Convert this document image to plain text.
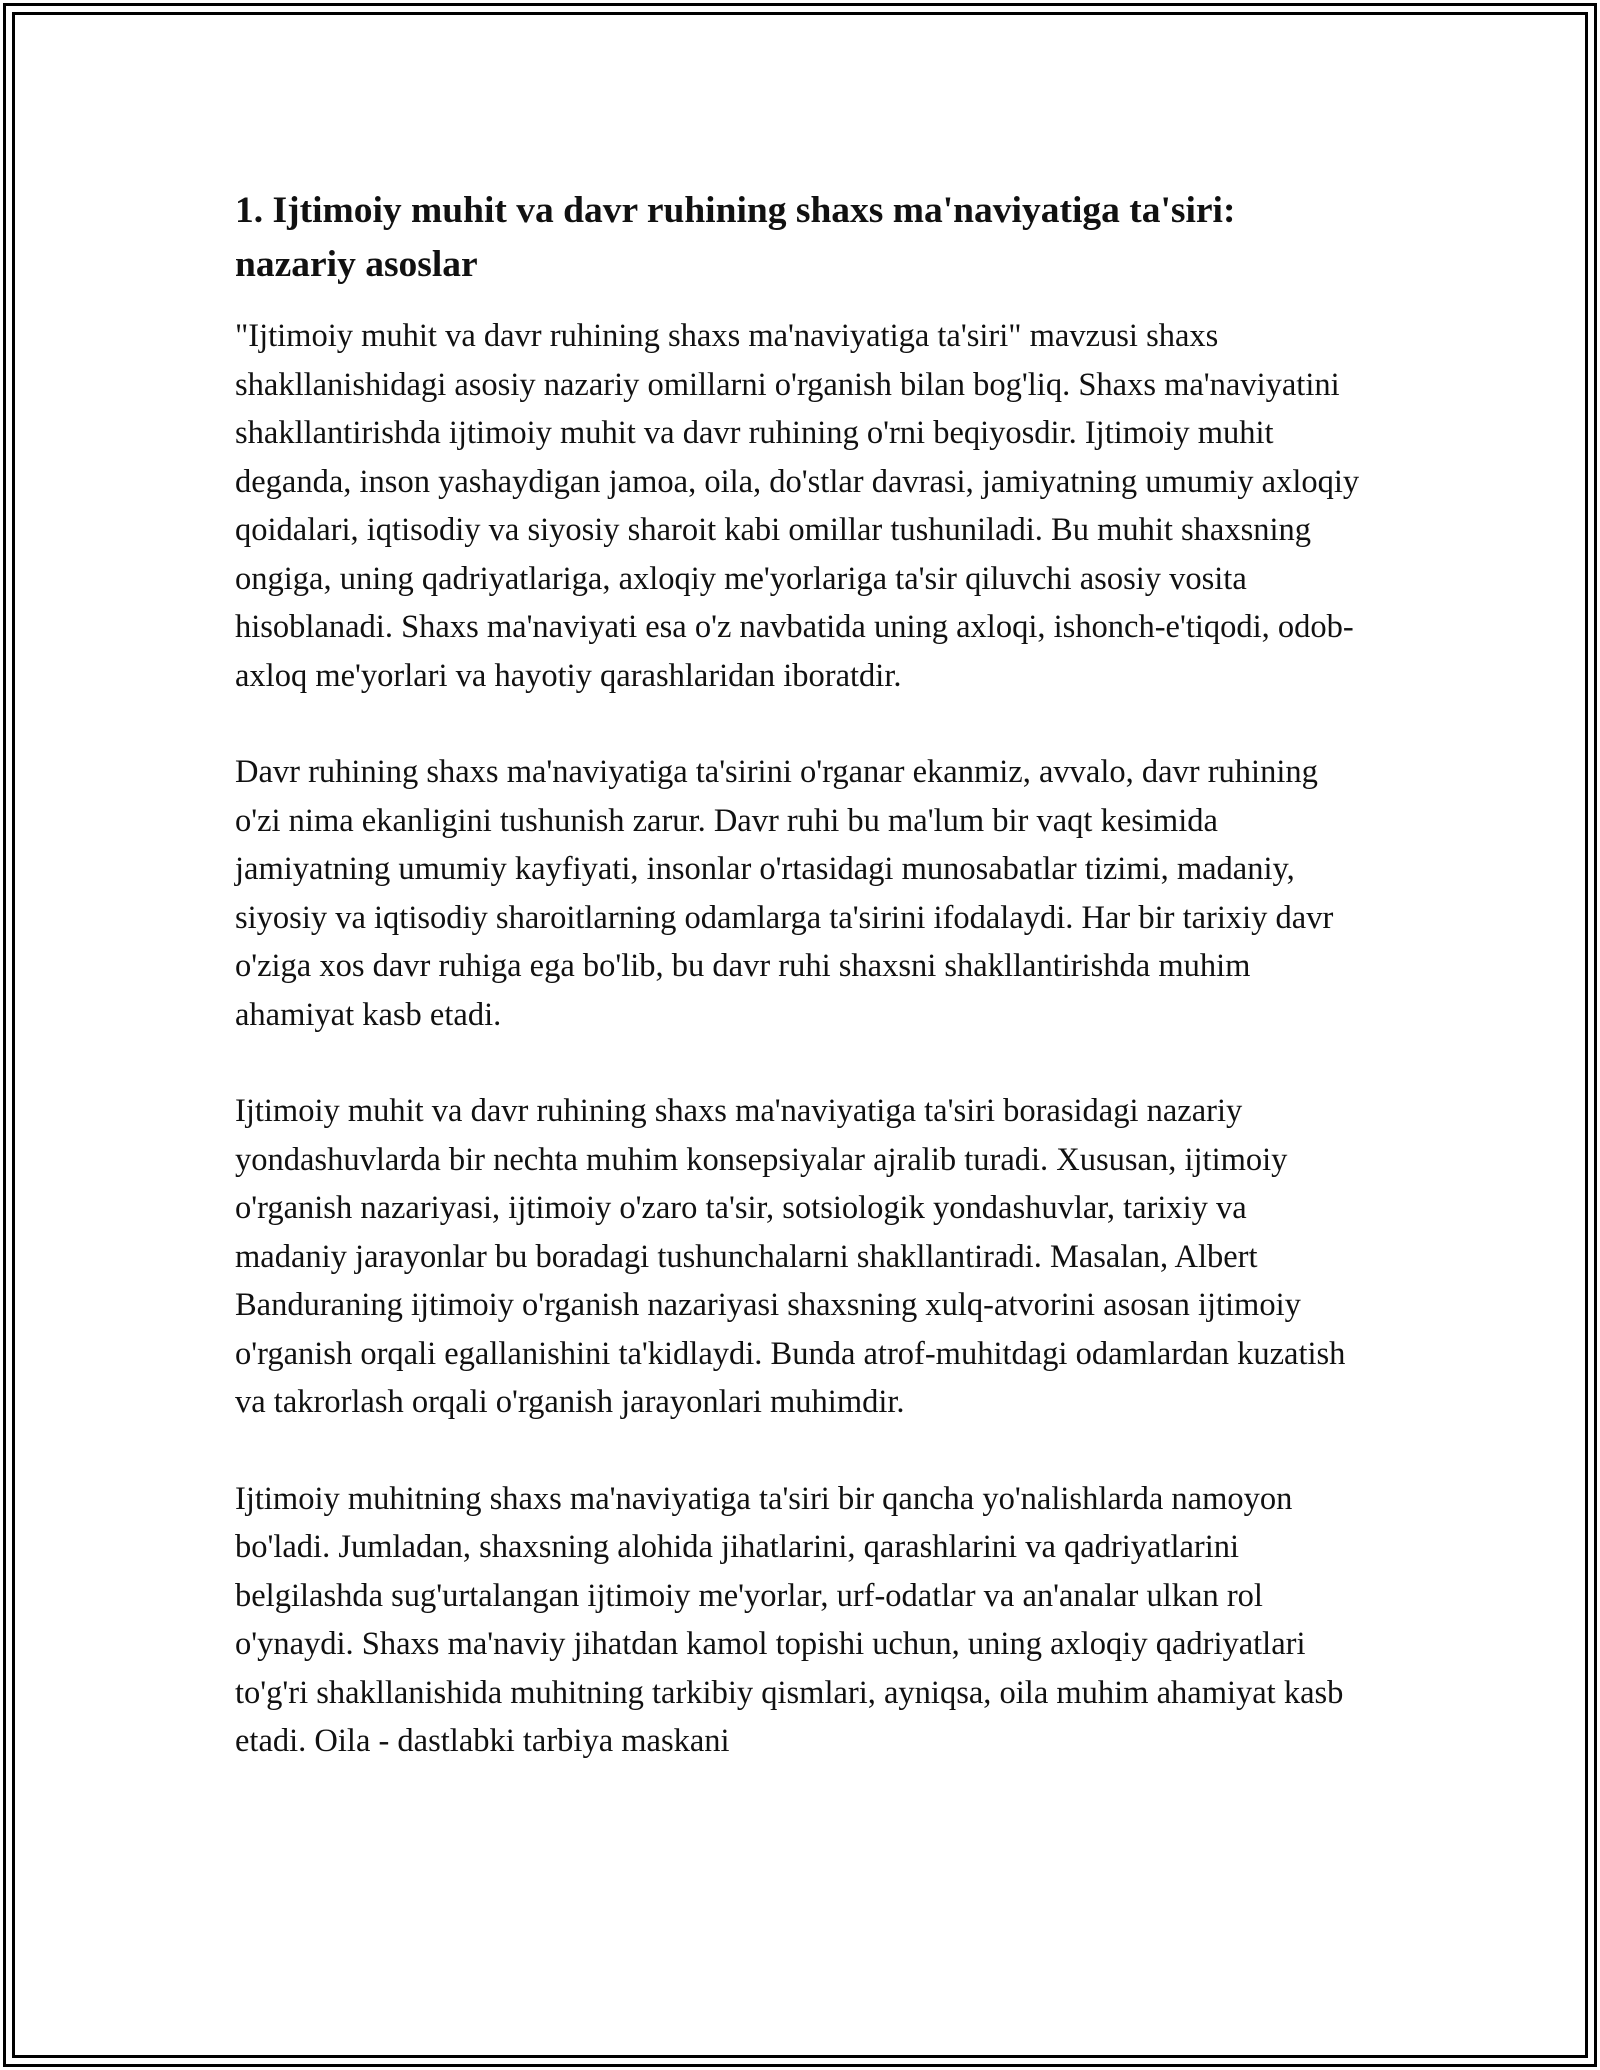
1. Ijtimoiy muhit va davr ruhining shaxs ma'naviyatiga ta'siri: nazariy asoslar

"Ijtimoiy muhit va davr ruhining shaxs ma'naviyatiga ta'siri" mavzusi shaxs shakllanishidagi asosiy nazariy omillarni o'rganish bilan bog'liq. Shaxs ma'naviyatini shakllantirishda ijtimoiy muhit va davr ruhining o'rni beqiyosdir. Ijtimoiy muhit deganda, inson yashaydigan jamoa, oila, do'stlar davrasi, jamiyatning umumiy axloqiy qoidalari, iqtisodiy va siyosiy sharoit kabi omillar tushuniladi. Bu muhit shaxsning ongiga, uning qadriyatlariga, axloqiy me'yorlariga ta'sir qiluvchi asosiy vosita hisoblanadi. Shaxs ma'naviyati esa o'z navbatida uning axloqi, ishonch-e'tiqodi, odob-axloq me'yorlari va hayotiy qarashlaridan iboratdir.

Davr ruhining shaxs ma'naviyatiga ta'sirini o'rganar ekanmiz, avvalo, davr ruhining o'zi nima ekanligini tushunish zarur. Davr ruhi bu ma'lum bir vaqt kesimida jamiyatning umumiy kayfiyati, insonlar o'rtasidagi munosabatlar tizimi, madaniy, siyosiy va iqtisodiy sharoitlarning odamlarga ta'sirini ifodalaydi. Har bir tarixiy davr o'ziga xos davr ruhiga ega bo'lib, bu davr ruhi shaxsni shakllantirishda muhim ahamiyat kasb etadi.

Ijtimoiy muhit va davr ruhining shaxs ma'naviyatiga ta'siri borasidagi nazariy yondashuvlarda bir nechta muhim konsepsiyalar ajralib turadi. Xususan, ijtimoiy o'rganish nazariyasi, ijtimoiy o'zaro ta'sir, sotsiologik yondashuvlar, tarixiy va madaniy jarayonlar bu boradagi tushunchalarni shakllantiradi. Masalan, Albert Banduraning ijtimoiy o'rganish nazariyasi shaxsning xulq-atvorini asosan ijtimoiy o'rganish orqali egallanishini ta'kidlaydi. Bunda atrof-muhitdagi odamlardan kuzatish va takrorlash orqali o'rganish jarayonlari muhimdir.

Ijtimoiy muhitning shaxs ma'naviyatiga ta'siri bir qancha yo'nalishlarda namoyon bo'ladi. Jumladan, shaxsning alohida jihatlarini, qarashlarini va qadriyatlarini belgilashda sug'urtalangan ijtimoiy me'yorlar, urf-odatlar va an'analar ulkan rol o'ynaydi. Shaxs ma'naviy jihatdan kamol topishi uchun, uning axloqiy qadriyatlari to'g'ri shakllanishida muhitning tarkibiy qismlari, ayniqsa, oila muhim ahamiyat kasb etadi. Oila - dastlabki tarbiya maskani
